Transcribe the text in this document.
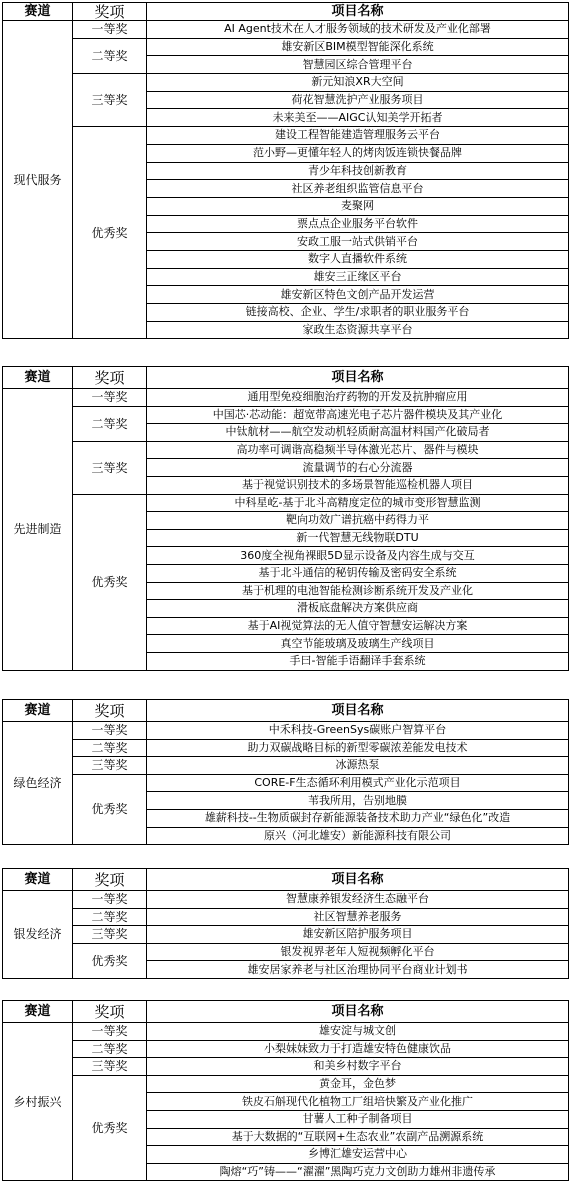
赛道	奖项	项目名称
现代服务	一等奖	AI Agent技术在人才服务领域的技术研发及产业化部署
	二等奖	雄安新区BIM模型智能深化系统
		智慧园区综合管理平台
	三等奖	新元知浪XR大空间
		荷花智慧洗护产业服务项目
		未来美至——AIGC认知美学开拓者
	优秀奖	建设工程智能建造管理服务云平台
		范小野—更懂年轻人的烤肉饭连锁快餐品牌
		青少年科技创新教育
		社区养老组织监管信息平台
		麦聚网
		票点点企业服务平台软件
		安政工服一站式供销平台
		数字人直播软件系统
		雄安三正缘区平台
		雄安新区特色文创产品开发运营
		链接高校、企业、学生/求职者的职业服务平台
		家政生态资源共享平台
赛道	奖项	项目名称
先进制造	一等奖	通用型免疫细胞治疗药物的开发及抗肿瘤应用
	二等奖	中国芯·芯动能：超宽带高速光电子芯片器件模块及其产业化
		中钛航材——航空发动机轻质耐高温材料国产化破局者
	三等奖	高功率可调谐高稳频半导体激光芯片、器件与模块
		流量调节的右心分流器
		基于视觉识别技术的多场景智能巡检机器人项目
	优秀奖	中科星屹-基于北斗高精度定位的城市变形智慧监测
		靶向功效广谱抗癌中药得力平
		新一代智慧无线物联DTU
		360度全视角裸眼5D显示设备及内容生成与交互
		基于北斗通信的秘钥传输及密码安全系统
		基于机理的电池智能检测诊断系统开发及产业化
		滑板底盘解决方案供应商
		基于AI视觉算法的无人值守智慧安运解决方案
		真空节能玻璃及玻璃生产线项目
		手曰-智能手语翻译手套系统
赛道	奖项	项目名称
绿色经济	一等奖	中禾科技-GreenSys碳账户智算平台
	二等奖	助力双碳战略目标的新型零碳浓差能发电技术
	三等奖	冰源热泵
	优秀奖	CORE-F生态循环利用模式产业化示范项目
		苇我所用，告别地膜
		雄薪科技--生物质碳封存新能源装备技术助力产业“绿色化”改造
		原兴（河北雄安）新能源科技有限公司
赛道	奖项	项目名称
银发经济	一等奖	智慧康养银发经济生态融平台
	二等奖	社区智慧养老服务
	三等奖	雄安新区陪护服务项目
	优秀奖	银发视界老年人短视频孵化平台
		雄安居家养老与社区治理协同平台商业计划书
赛道	奖项	项目名称
乡村振兴	一等奖	雄安淀与城文创
	二等奖	小梨妹妹致力于打造雄安特色健康饮品
	三等奖	和美乡村数字平台
	优秀奖	黄金耳，金色梦
		铁皮石斛现代化植物工厂组培快繁及产业化推广
		甘薯人工种子制备项目
		基于大数据的“互联网+生态农业”农副产品溯源系统
		乡博汇雄安运营中心
		陶熔“巧”铸——“濯濯”黑陶巧克力文创助力雄州非遗传承
